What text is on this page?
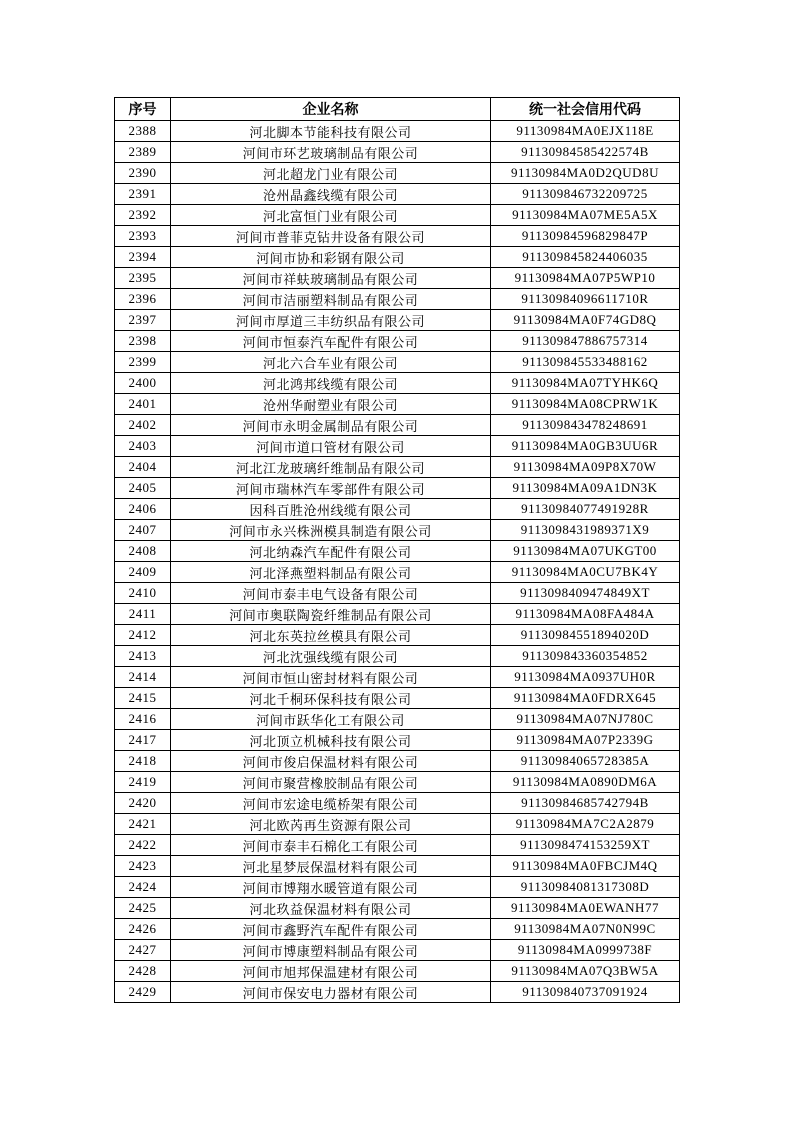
序号	企业名称	统一社会信用代码
2388	河北脚本节能科技有限公司	91130984MA0EJX118E
2389	河间市环艺玻璃制品有限公司	91130984585422574B
2390	河北超龙门业有限公司	91130984MA0D2QUD8U
2391	沧州晶鑫线缆有限公司	911309846732209725
2392	河北富恒门业有限公司	91130984MA07ME5A5X
2393	河间市普菲克钻井设备有限公司	91130984596829847P
2394	河间市协和彩钢有限公司	911309845824406035
2395	河间市祥蚨玻璃制品有限公司	91130984MA07P5WP10
2396	河间市洁丽塑料制品有限公司	91130984096611710R
2397	河间市厚道三丰纺织品有限公司	91130984MA0F74GD8Q
2398	河间市恒泰汽车配件有限公司	911309847886757314
2399	河北六合车业有限公司	911309845533488162
2400	河北鸿邦线缆有限公司	91130984MA07TYHK6Q
2401	沧州华耐塑业有限公司	91130984MA08CPRW1K
2402	河间市永明金属制品有限公司	911309843478248691
2403	河间市道口管材有限公司	91130984MA0GB3UU6R
2404	河北江龙玻璃纤维制品有限公司	91130984MA09P8X70W
2405	河间市瑞林汽车零部件有限公司	91130984MA09A1DN3K
2406	因科百胜沧州线缆有限公司	91130984077491928R
2407	河间市永兴株洲模具制造有限公司	9113098431989371X9
2408	河北纳森汽车配件有限公司	91130984MA07UKGT00
2409	河北泽燕塑料制品有限公司	91130984MA0CU7BK4Y
2410	河间市泰丰电气设备有限公司	9113098409474849XT
2411	河间市奥联陶瓷纤维制品有限公司	91130984MA08FA484A
2412	河北东英拉丝模具有限公司	91130984551894020D
2413	河北沈强线缆有限公司	911309843360354852
2414	河间市恒山密封材料有限公司	91130984MA0937UH0R
2415	河北千桐环保科技有限公司	91130984MA0FDRX645
2416	河间市跃华化工有限公司	91130984MA07NJ780C
2417	河北顶立机械科技有限公司	91130984MA07P2339G
2418	河间市俊启保温材料有限公司	91130984065728385A
2419	河间市聚营橡胶制品有限公司	91130984MA0890DM6A
2420	河间市宏途电缆桥架有限公司	91130984685742794B
2421	河北欧芮再生资源有限公司	91130984MA7C2A2879
2422	河间市泰丰石棉化工有限公司	9113098474153259XT
2423	河北星梦辰保温材料有限公司	91130984MA0FBCJM4Q
2424	河间市博翔水暖管道有限公司	91130984081317308D
2425	河北玖益保温材料有限公司	91130984MA0EWANH77
2426	河间市鑫野汽车配件有限公司	91130984MA07N0N99C
2427	河间市博康塑料制品有限公司	91130984MA0999738F
2428	河间市旭邦保温建材有限公司	91130984MA07Q3BW5A
2429	河间市保安电力器材有限公司	911309840737091924
